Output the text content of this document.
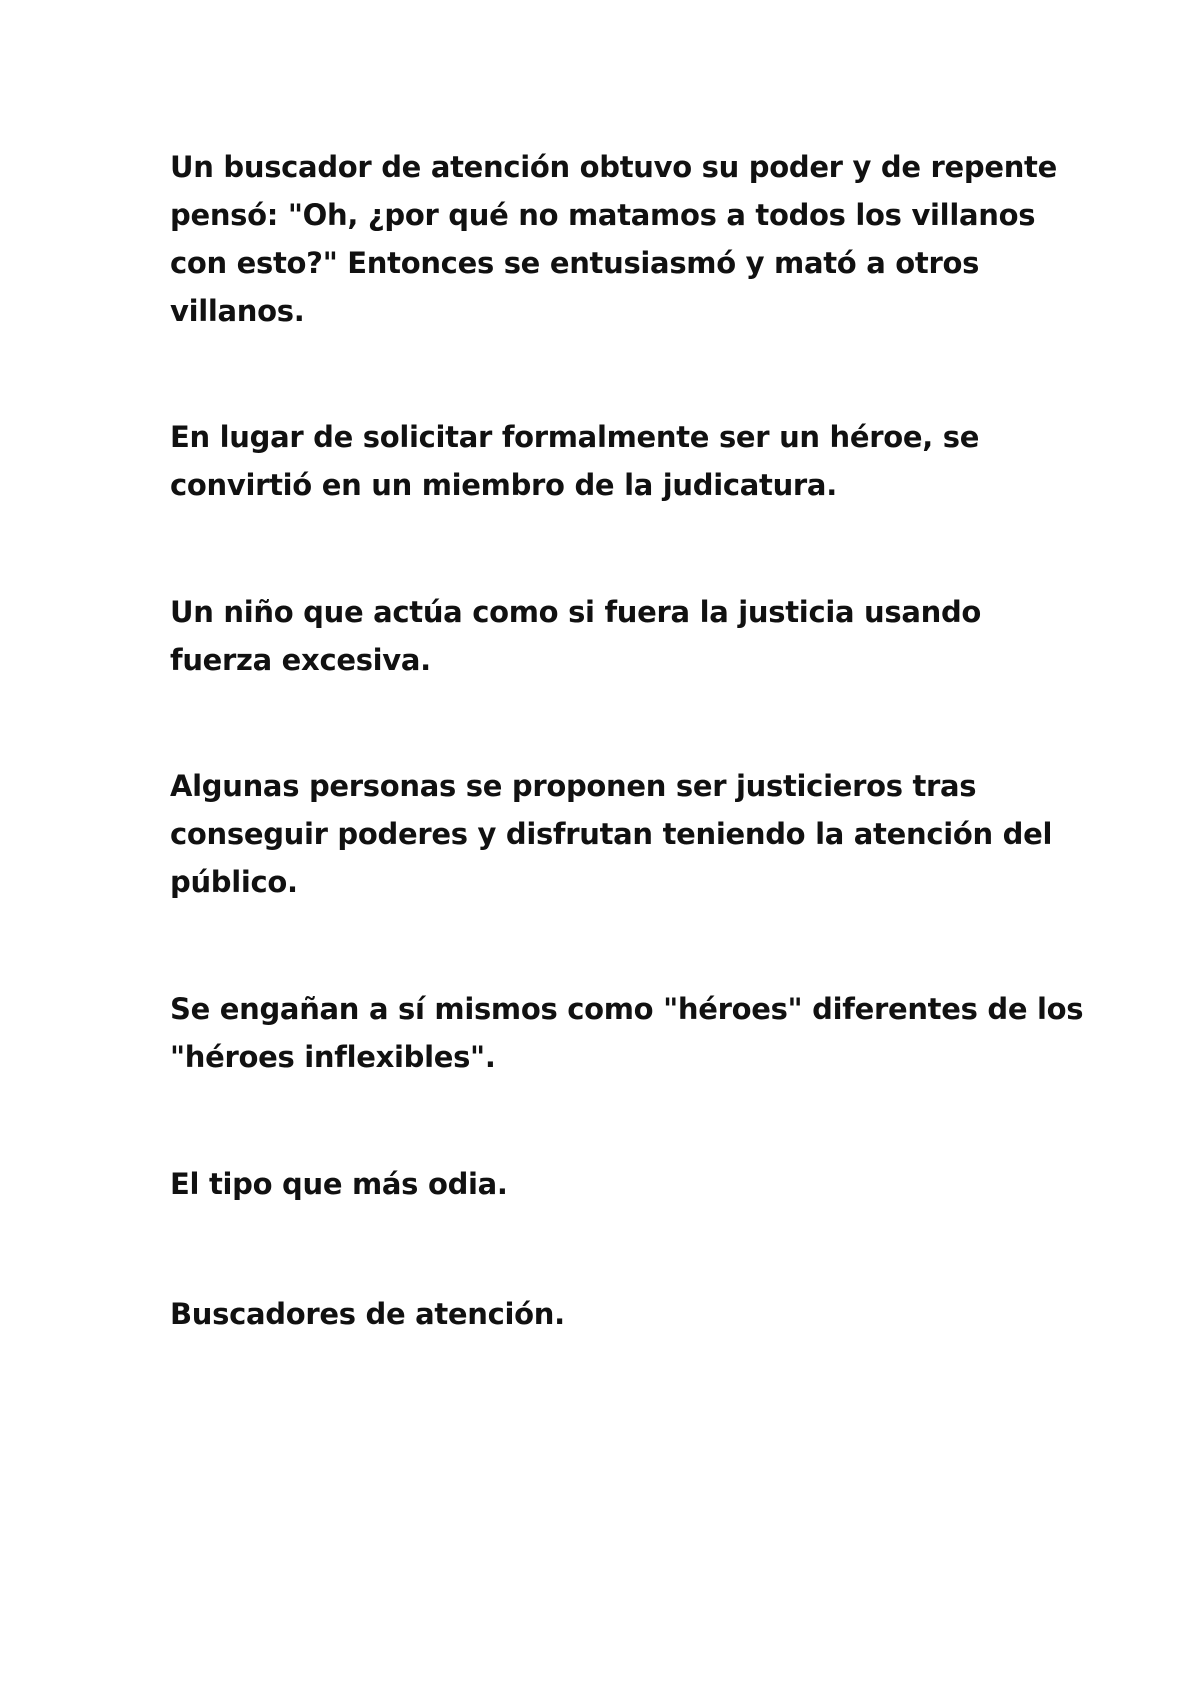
Un buscador de atención obtuvo su poder y de repente
pensó: "Oh, ¿por qué no matamos a todos los villanos
con esto?" Entonces se entusiasmó y mató a otros
villanos.

En lugar de solicitar formalmente ser un héroe, se
convirtió en un miembro de la judicatura.

Un niño que actúa como si fuera la justicia usando
fuerza excesiva.

Algunas personas se proponen ser justicieros tras
conseguir poderes y disfrutan teniendo la atención del
público.

Se engañan a sí mismos como "héroes" diferentes de los
"héroes inflexibles".

El tipo que más odia.

Buscadores de atención.
